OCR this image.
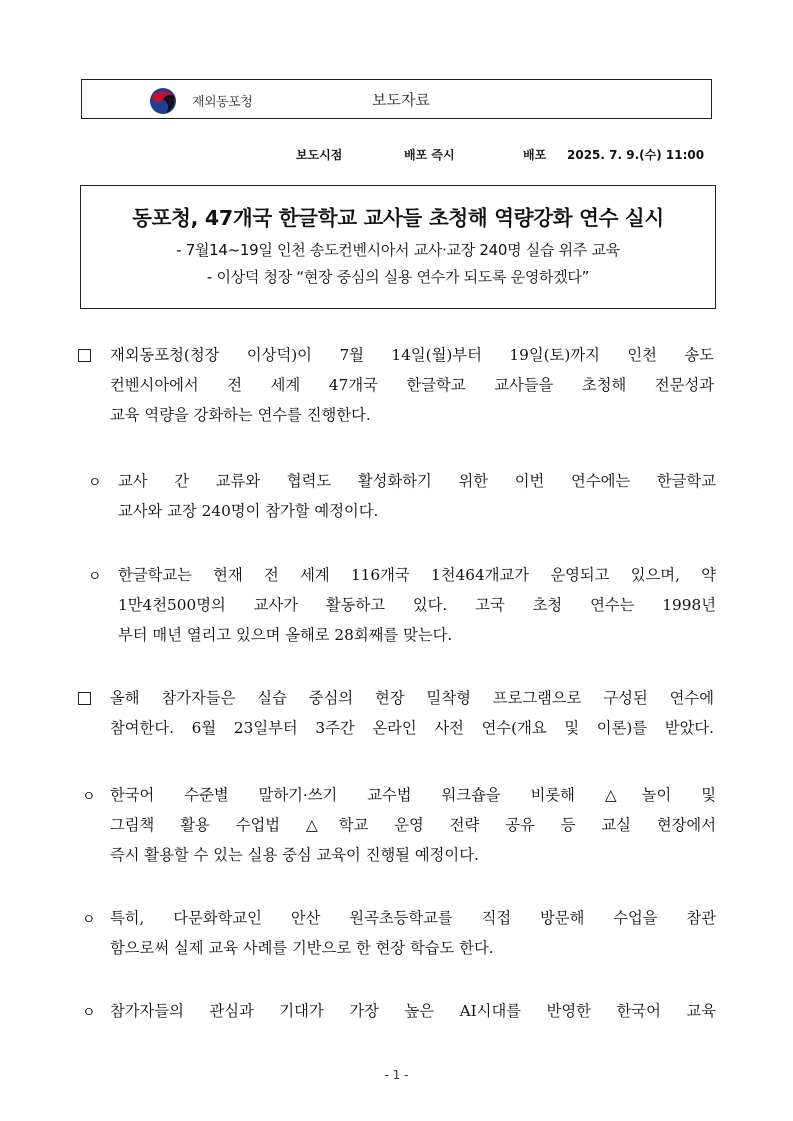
재외동포청	보도자료
보도시점	배포 즉시	배포 2025. 7. 9.(수) 11:00
동포청, 47개국 한글학교 교사들 초청해 역량강화 연수 실시
- 7월14~19일 인천 송도컨벤시아서 교사·교장 240명 실습 위주 교육
- 이상덕 청장 “현장 중심의 실용 연수가 되도록 운영하겠다”
재외동포청(청장 이상덕)이 7월 14일(월)부터 19일(토)까지 인천 송도
컨벤시아에서 전 세계 47개국 한글학교 교사들을 초청해 전문성과
교육 역량을 강화하는 연수를 진행한다.
ㅇ 교사 간 교류와 협력도 활성화하기 위한 이번 연수에는 한글학교
교사와 교장 240명이 참가할 예정이다.
ㅇ 한글학교는 현재 전 세계 116개국 1천464개교가 운영되고 있으며, 약
1만4천500명의 교사가 활동하고 있다. 고국 초청 연수는 1998년
부터 매년 열리고 있으며 올해로 28회째를 맞는다.
올해 참가자들은 실습 중심의 현장 밀착형 프로그램으로 구성된 연수에
참여한다. 6월 23일부터 3주간 온라인 사전 연수(개요 및 이론)를 받았다.
ㅇ 한국어 수준별 말하기·쓰기 교수법 워크숍을 비롯해 △놀이 및
그림책 활용 수업법 △학교 운영 전략 공유 등 교실 현장에서
즉시 활용할 수 있는 실용 중심 교육이 진행될 예정이다.
ㅇ 특히, 다문화학교인 안산 원곡초등학교를 직접 방문해 수업을 참관
함으로써 실제 교육 사례를 기반으로 한 현장 학습도 한다.
ㅇ 참가자들의 관심과 기대가 가장 높은 AI시대를 반영한 한국어 교육
- 1 -
